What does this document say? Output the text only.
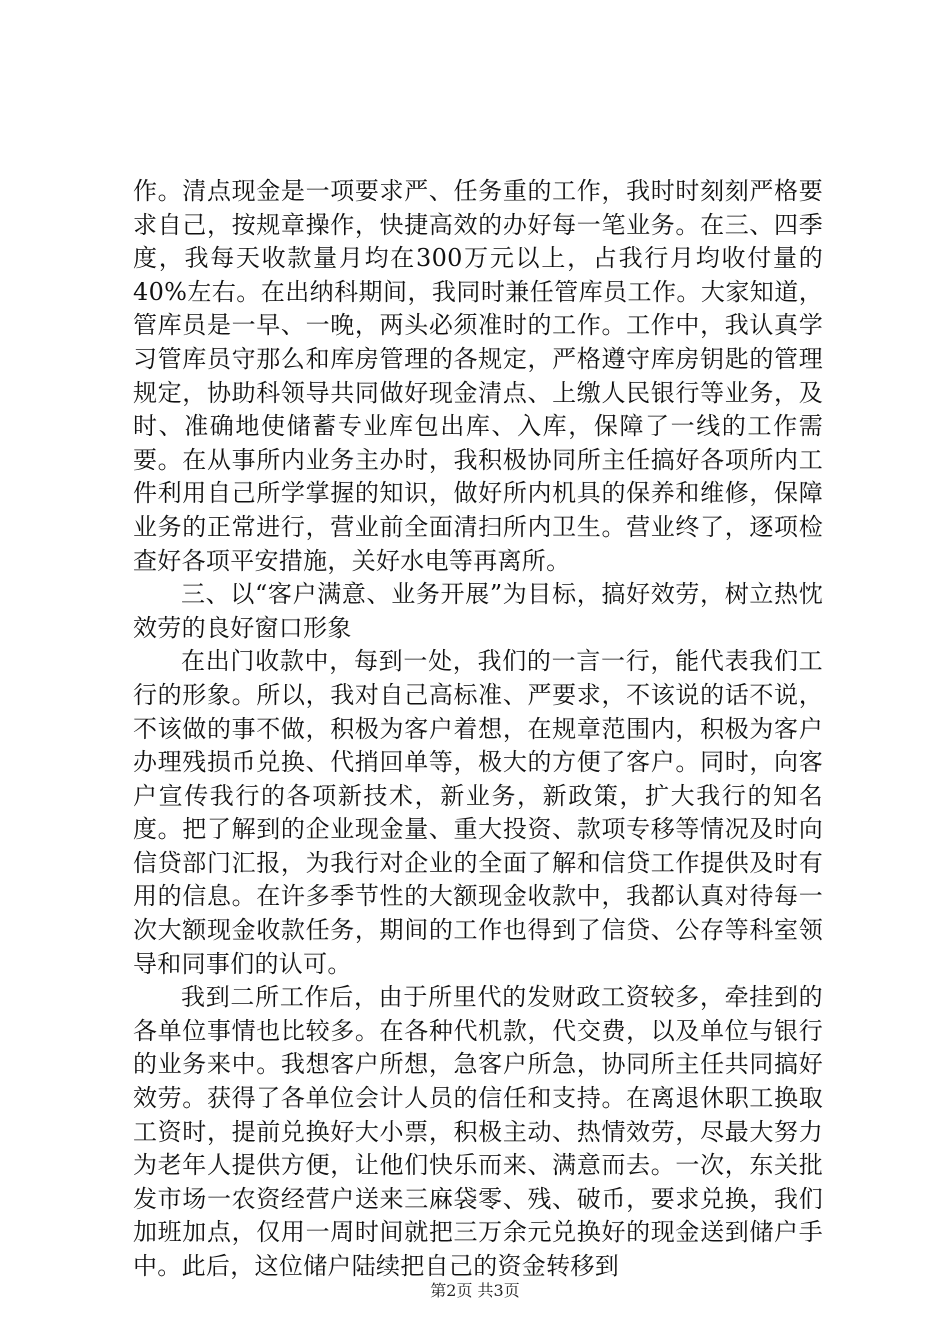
作。清点现金是一项要求严、任务重的工作，我时时刻刻严格要求自己，按规章操作，快捷高效的办好每一笔业务。在三、四季度，我每天收款量月均在300万元以上，占我行月均收付量的40%左右。在出纳科期间，我同时兼任管库员工作。大家知道，管库员是一早、一晚，两头必须准时的工作。工作中，我认真学习管库员守那么和库房管理的各规定，严格遵守库房钥匙的管理规定，协助科领导共同做好现金清点、上缴人民银行等业务，及时、准确地使储蓄专业库包出库、入库，保障了一线的工作需要。在从事所内业务主办时，我积极协同所主任搞好各项所内工件利用自己所学掌握的知识，做好所内机具的保养和维修，保障业务的正常进行，营业前全面清扫所内卫生。营业终了，逐项检查好各项平安措施，关好水电等再离所。

三、以“客户满意、业务开展”为目标，搞好效劳，树立热忱效劳的良好窗口形象

在出门收款中，每到一处，我们的一言一行，能代表我们工行的形象。所以，我对自己高标准、严要求，不该说的话不说，不该做的事不做，积极为客户着想，在规章范围内，积极为客户办理残损币兑换、代捎回单等，极大的方便了客户。同时，向客户宣传我行的各项新技术，新业务，新政策，扩大我行的知名度。把了解到的企业现金量、重大投资、款项专移等情况及时向信贷部门汇报，为我行对企业的全面了解和信贷工作提供及时有用的信息。在许多季节性的大额现金收款中，我都认真对待每一次大额现金收款任务，期间的工作也得到了信贷、公存等科室领导和同事们的认可。

我到二所工作后，由于所里代的发财政工资较多，牵挂到的各单位事情也比较多。在各种代机款，代交费，以及单位与银行的业务来中。我想客户所想，急客户所急，协同所主任共同搞好效劳。获得了各单位会计人员的信任和支持。在离退休职工换取工资时，提前兑换好大小票，积极主动、热情效劳，尽最大努力为老年人提供方便，让他们快乐而来、满意而去。一次，东关批发市场一农资经营户送来三麻袋零、残、破币，要求兑换，我们加班加点，仅用一周时间就把三万余元兑换好的现金送到储户手中。此后，这位储户陆续把自己的资金转移到

第2页 共3页
